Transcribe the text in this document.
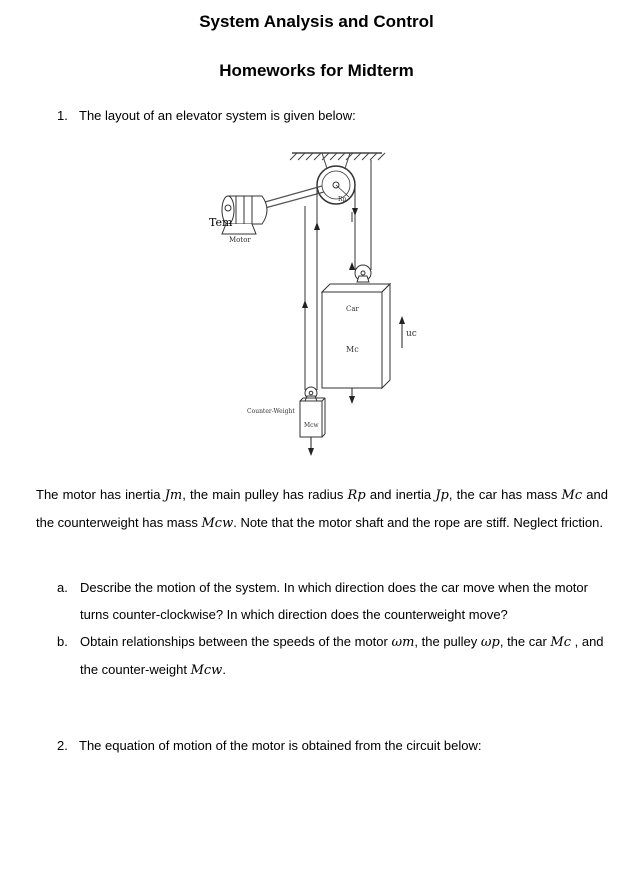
System Analysis and Control
Homeworks for Midterm
1. The layout of an elevator system is given below:
Rp
Tem
Motor
Car
Mc
uc
Counter-Weight
Mcw
The motor has inertia Jm, the main pulley has radius Rp and inertia Jp, the car has mass Mc and the counterweight has mass Mcw. Note that the motor shaft and the rope are stiff. Neglect friction.
a. Describe the motion of the system. In which direction does the car move when the motor turns counter-clockwise? In which direction does the counterweight move?
b. Obtain relationships between the speeds of the motor ωm, the pulley ωp, the car Mc , and the counter-weight Mcw.
2. The equation of motion of the motor is obtained from the circuit below:
